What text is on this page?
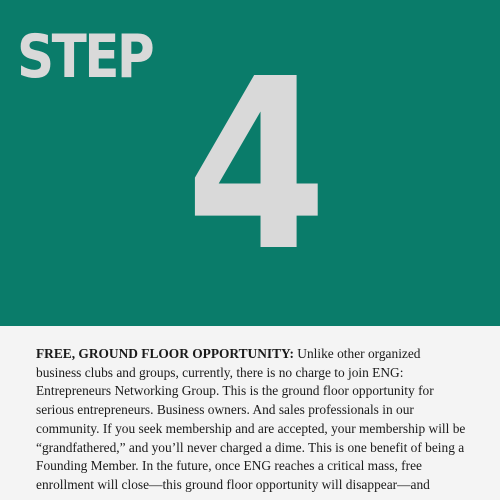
STEP 4

FREE, GROUND FLOOR OPPORTUNITY: Unlike other organized business clubs and groups, currently, there is no charge to join ENG: Entrepreneurs Networking Group. This is the ground floor opportunity for serious entrepreneurs. Business owners. And sales professionals in our community. If you seek membership and are accepted, your membership will be “grandfathered,” and you’ll never charged a dime. This is one benefit of being a Founding Member. In the future, once ENG reaches a critical mass, free enrollment will close—this ground floor opportunity will disappear—and
